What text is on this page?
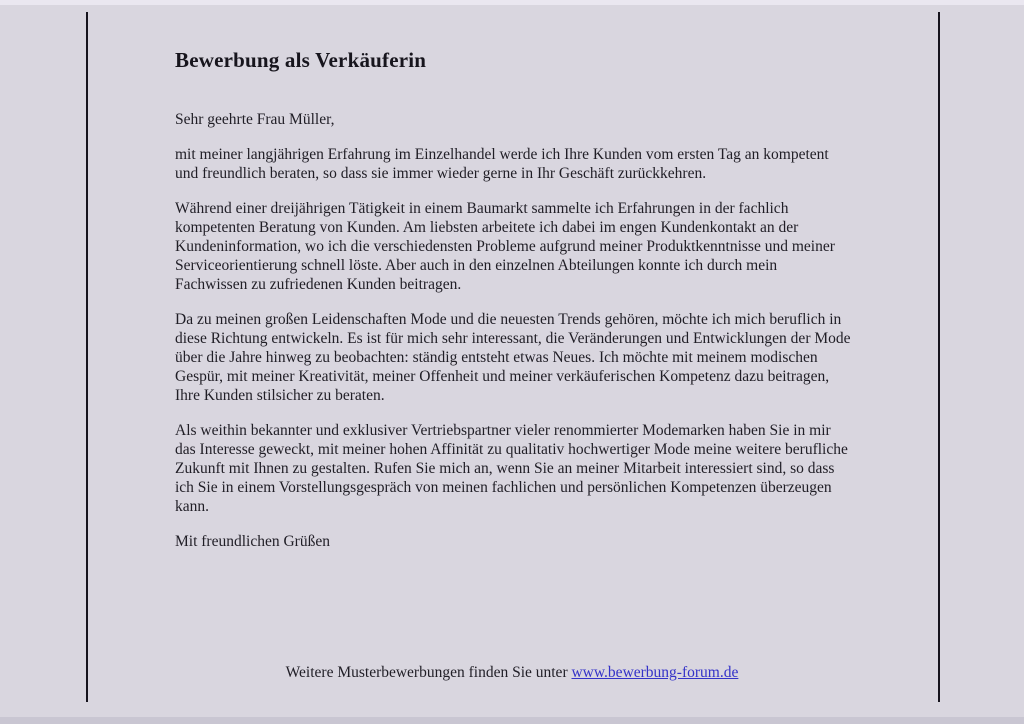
Bewerbung als Verkäuferin

Sehr geehrte Frau Müller,

mit meiner langjährigen Erfahrung im Einzelhandel werde ich Ihre Kunden vom ersten Tag an kompetent und freundlich beraten, so dass sie immer wieder gerne in Ihr Geschäft zurückkehren.

Während einer dreijährigen Tätigkeit in einem Baumarkt sammelte ich Erfahrungen in der fachlich kompetenten Beratung von Kunden. Am liebsten arbeitete ich dabei im engen Kundenkontakt an der Kundeninformation, wo ich die verschiedensten Probleme aufgrund meiner Produktkenntnisse und meiner Serviceorientierung schnell löste. Aber auch in den einzelnen Abteilungen konnte ich durch mein Fachwissen zu zufriedenen Kunden beitragen.

Da zu meinen großen Leidenschaften Mode und die neuesten Trends gehören, möchte ich mich beruflich in diese Richtung entwickeln. Es ist für mich sehr interessant, die Veränderungen und Entwicklungen der Mode über die Jahre hinweg zu beobachten: ständig entsteht etwas Neues. Ich möchte mit meinem modischen Gespür, mit meiner Kreativität, meiner Offenheit und meiner verkäuferischen Kompetenz dazu beitragen, Ihre Kunden stilsicher zu beraten.

Als weithin bekannter und exklusiver Vertriebspartner vieler renommierter Modemarken haben Sie in mir das Interesse geweckt, mit meiner hohen Affinität zu qualitativ hochwertiger Mode meine weitere berufliche Zukunft mit Ihnen zu gestalten. Rufen Sie mich an, wenn Sie an meiner Mitarbeit interessiert sind, so dass ich Sie in einem Vorstellungsgespräch von meinen fachlichen und persönlichen Kompetenzen überzeugen kann.

Mit freundlichen Grüßen

Weitere Musterbewerbungen finden Sie unter www.bewerbung-forum.de
